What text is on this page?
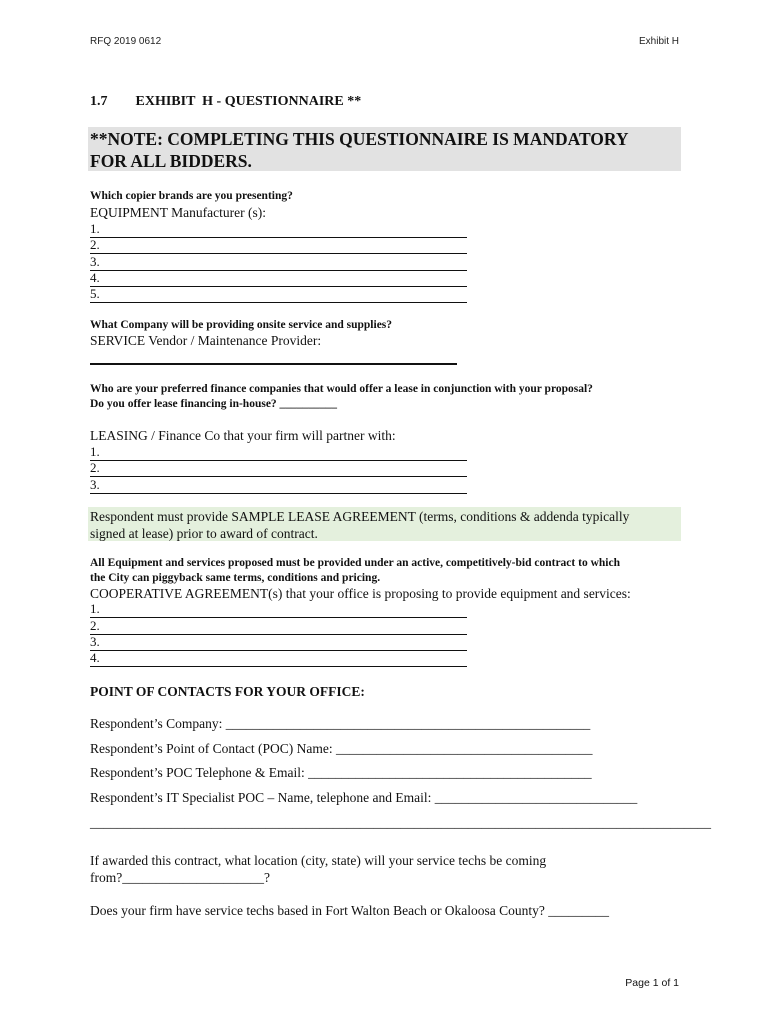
RFQ 2019 0612	Exhibit H
1.7        EXHIBIT  H - QUESTIONNAIRE **
**NOTE: COMPLETING THIS QUESTIONNAIRE IS MANDATORY
FOR ALL BIDDERS.
Which copier brands are you presenting?
EQUIPMENT Manufacturer (s):
1.
2.
3.
4.
5.
What Company will be providing onsite service and supplies?
SERVICE Vendor / Maintenance Provider:
Who are your preferred finance companies that would offer a lease in conjunction with your proposal?
Do you offer lease financing in-house? __________
LEASING / Finance Co that your firm will partner with:
1.
2.
3.
Respondent must provide SAMPLE LEASE AGREEMENT (terms, conditions & addenda typically
signed at lease) prior to award of contract.
All Equipment and services proposed must be provided under an active, competitively-bid contract to which
the City can piggyback same terms, conditions and pricing.
COOPERATIVE AGREEMENT(s) that your office is proposing to provide equipment and services:
1.
2.
3.
4.
POINT OF CONTACTS FOR YOUR OFFICE:
Respondent’s Company: ______________________________________________________
Respondent’s Point of Contact (POC) Name: ______________________________________
Respondent’s POC Telephone & Email: __________________________________________
Respondent’s IT Specialist POC – Name, telephone and Email: ______________________________
____________________________________________________________________________________________
If awarded this contract, what location (city, state) will your service techs be coming
from?_____________________?
Does your firm have service techs based in Fort Walton Beach or Okaloosa County? _________
Page 1 of 1
